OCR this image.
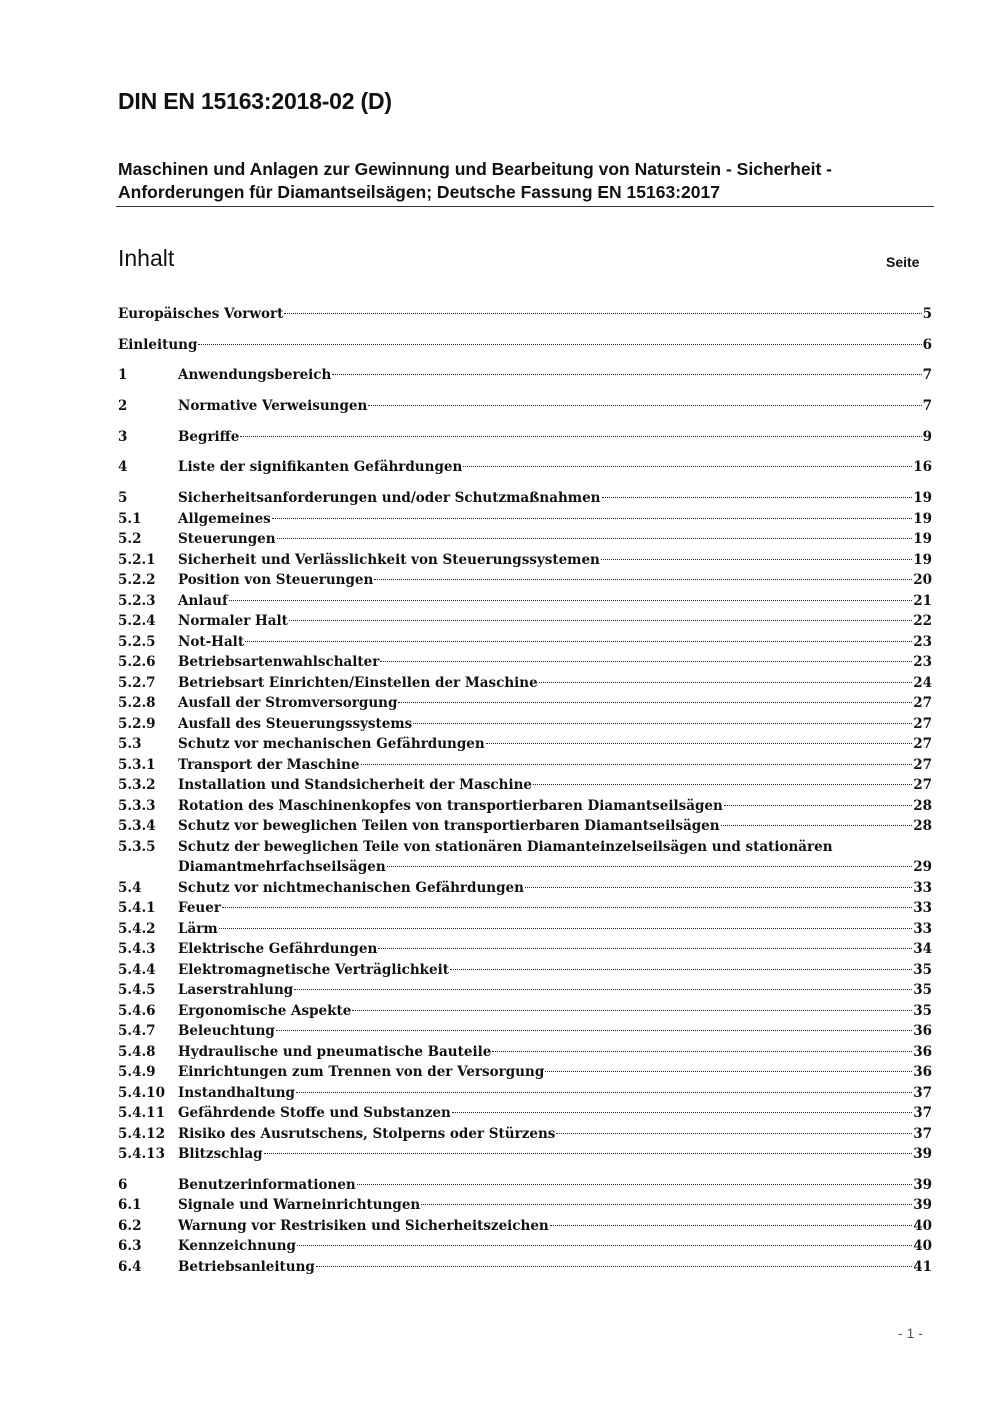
DIN EN 15163:2018-02 (D)

Maschinen und Anlagen zur Gewinnung und Bearbeitung von Naturstein - Sicherheit - Anforderungen für Diamantseilsägen; Deutsche Fassung EN 15163:2017

Inhalt	Seite
Europäisches Vorwort	5
Einleitung	6
1	Anwendungsbereich	7
2	Normative Verweisungen	7
3	Begriffe	9
4	Liste der signifikanten Gefährdungen	16
5	Sicherheitsanforderungen und/oder Schutzmaßnahmen	19
5.1	Allgemeines	19
5.2	Steuerungen	19
5.2.1	Sicherheit und Verlässlichkeit von Steuerungssystemen	19
5.2.2	Position von Steuerungen	20
5.2.3	Anlauf	21
5.2.4	Normaler Halt	22
5.2.5	Not-Halt	23
5.2.6	Betriebsartenwahlschalter	23
5.2.7	Betriebsart Einrichten/Einstellen der Maschine	24
5.2.8	Ausfall der Stromversorgung	27
5.2.9	Ausfall des Steuerungssystems	27
5.3	Schutz vor mechanischen Gefährdungen	27
5.3.1	Transport der Maschine	27
5.3.2	Installation und Standsicherheit der Maschine	27
5.3.3	Rotation des Maschinenkopfes von transportierbaren Diamantseilsägen	28
5.3.4	Schutz vor beweglichen Teilen von transportierbaren Diamantseilsägen	28
5.3.5	Schutz der beweglichen Teile von stationären Diamanteinzelseilsägen und stationären
Diamantmehrfachseilsägen	29
5.4	Schutz vor nichtmechanischen Gefährdungen	33
5.4.1	Feuer	33
5.4.2	Lärm	33
5.4.3	Elektrische Gefährdungen	34
5.4.4	Elektromagnetische Verträglichkeit	35
5.4.5	Laserstrahlung	35
5.4.6	Ergonomische Aspekte	35
5.4.7	Beleuchtung	36
5.4.8	Hydraulische und pneumatische Bauteile	36
5.4.9	Einrichtungen zum Trennen von der Versorgung	36
5.4.10 Instandhaltung	37
5.4.11 Gefährdende Stoffe und Substanzen	37
5.4.12 Risiko des Ausrutschens, Stolperns oder Stürzens	37
5.4.13 Blitzschlag	39
6	Benutzerinformationen	39
6.1	Signale und Warneinrichtungen	39
6.2	Warnung vor Restrisiken und Sicherheitszeichen	40
6.3	Kennzeichnung	40
6.4	Betriebsanleitung	41
- 1 -
